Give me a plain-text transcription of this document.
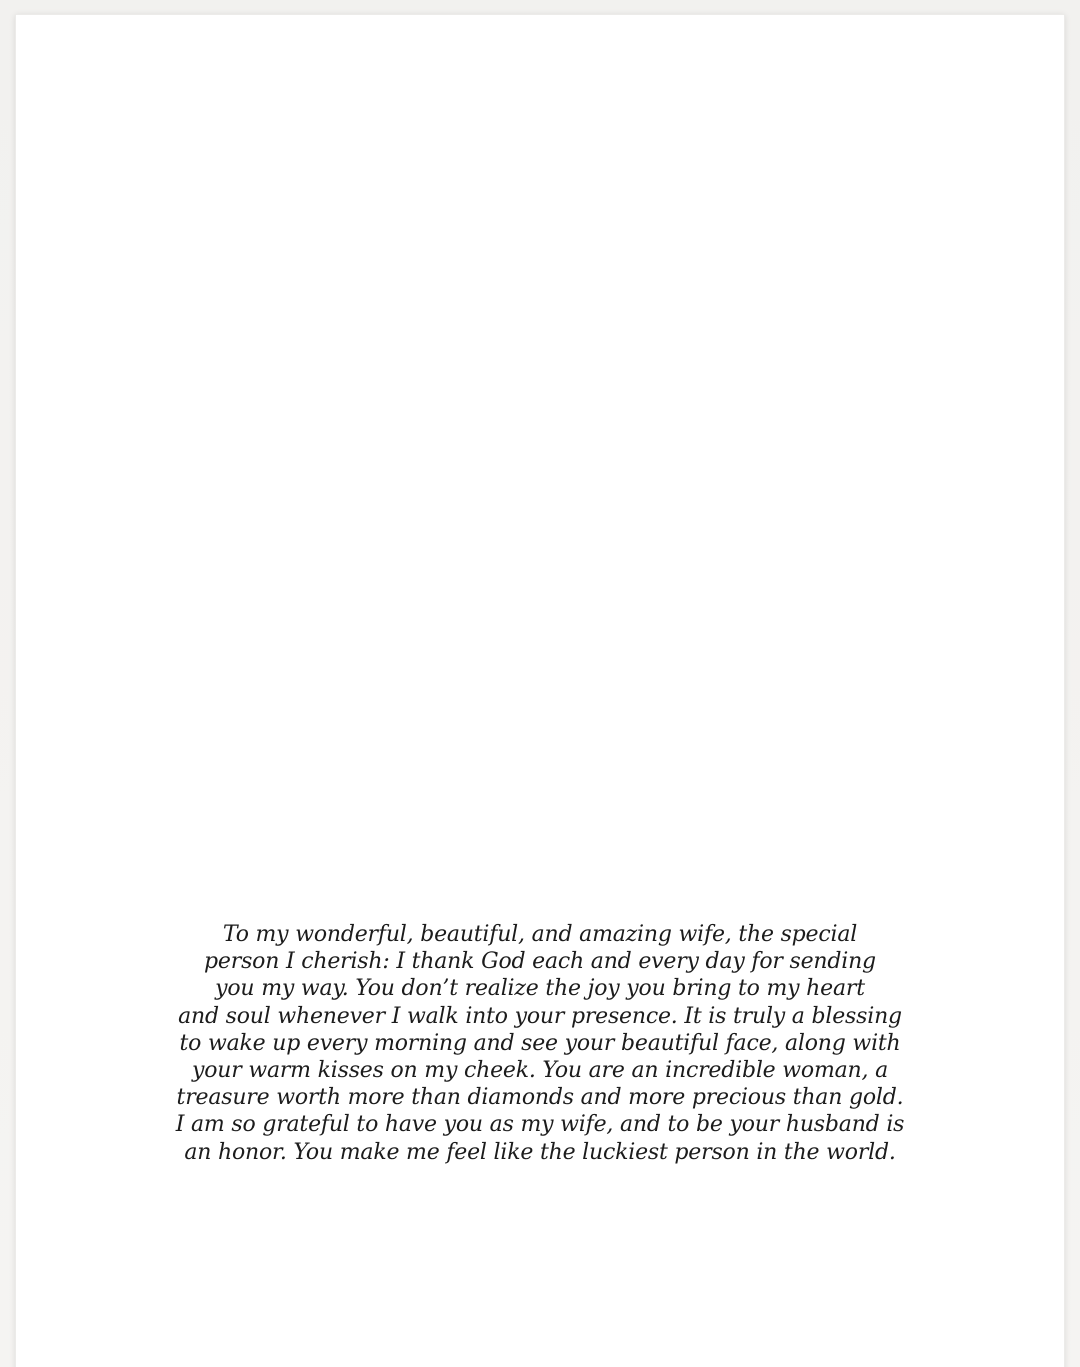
To my wonderful, beautiful, and amazing wife, the special
person I cherish: I thank God each and every day for sending
you my way. You don’t realize the joy you bring to my heart
and soul whenever I walk into your presence. It is truly a blessing
to wake up every morning and see your beautiful face, along with
your warm kisses on my cheek. You are an incredible woman, a
treasure worth more than diamonds and more precious than gold.
I am so grateful to have you as my wife, and to be your husband is
an honor. You make me feel like the luckiest person in the world.
